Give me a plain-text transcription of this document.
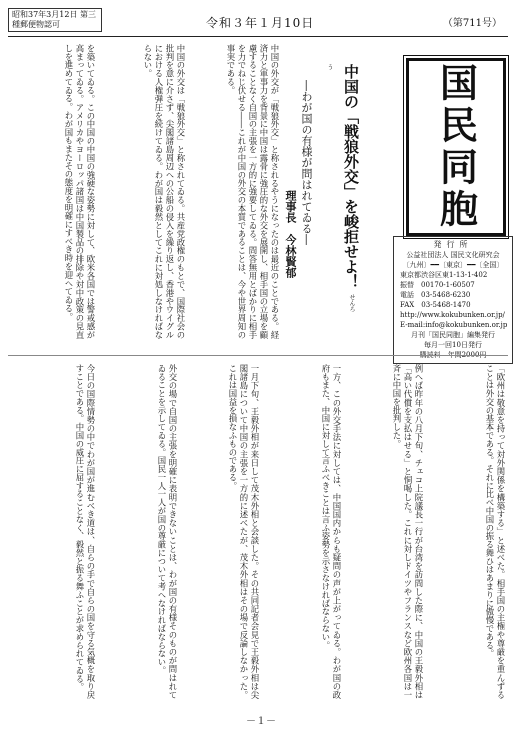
昭和37年3月12日 第三種郵便物認可	令和３年１月10日	（第711号）
国民同胞
発行所
公益社団法人 国民文化研究会
〔九州〕━━〔東京〕━━〔全国〕
東京都渋谷区東1-13-1-402
振替　00170-1-60507
電話　03-5468-6230
FAX　03-5468-1470
http://www.kokubunken.or.jp/
E-mail:info@kokubunken.or.jp
月刊「国民同胞」編集発行
毎月一回10日発行
購読料　年間2000円
中国の「戦狼外交」を峻拒せよ！ せんろう
―わが国の有様が問はれてゐる―
理事長　今林賢郁
中国の外交が「戦狼外交」と称されるやうになったのは最近のことである。経済力と軍事力を背景に中国は露骨に強圧的な外交を展開し、相手国の立場を顧慮することなく自国の主張を一方的に強要してゐる。問答無用とばかりに相手を力でねじ伏せる――これが中国の外交の本質であることは、今や世界周知の事実である。
中国の外交は「戦狼外交」と称されてゐる。共産党政権のもとで、国際社会の批判を意に介さず、尖閣諸島周辺への公船の侵入を繰り返し、香港やウイグルにおける人権弾圧を続けてゐる。わが国は毅然としてこれに対処しなければならない。
を築いてゐる。この中国の中国の強硬な姿勢に対して、欧米各国では警戒感が高まってゐる。アメリカやヨーロッパ諸国は中国製品の排除や対中政策の見直しを進めてゐる。わが国もまたその態度を明確にすべき時を迎へてゐる。
「欧州は敬意を持って対外関係を構築する」と述べた。相手国の主権や尊厳を重んずることは外交の基本である。それに比べ中国の振る舞ひはあまりに傲慢である。
例へば昨年の八月下旬、チェコ上院議長一行が台湾を訪問した際に、中国の王毅外相は「高い代償を支払はせる」と恫喝した。これに対しドイツやフランスなど欧州各国は一斉に中国を批判した。
一方、この外交手法に対しては、中国国内からも疑問の声が上がってゐる。わが国の政府もまた、中国に対して言ふべきことは言ふ姿勢を示さなければならない。
一月下旬、王毅外相が来日して茂木外相と会談した。その共同記者会見で王毅外相は尖閣諸島について中国の主張を一方的に述べたが、茂木外相はその場で反論しなかった。これは国益を損なふものである。
外交の場で自国の主張を明確に表明できないことは、わが国の有様そのものが問はれてゐることを示してゐる。国民一人一人が国の尊厳について考へなければならない。
今日の国際情勢の中でわが国が進むべき道は、自らの手で自らの国を守る気概を取り戻すことである。中国の威圧に屈することなく、毅然と振る舞ふことが求められてゐる。
－１－
